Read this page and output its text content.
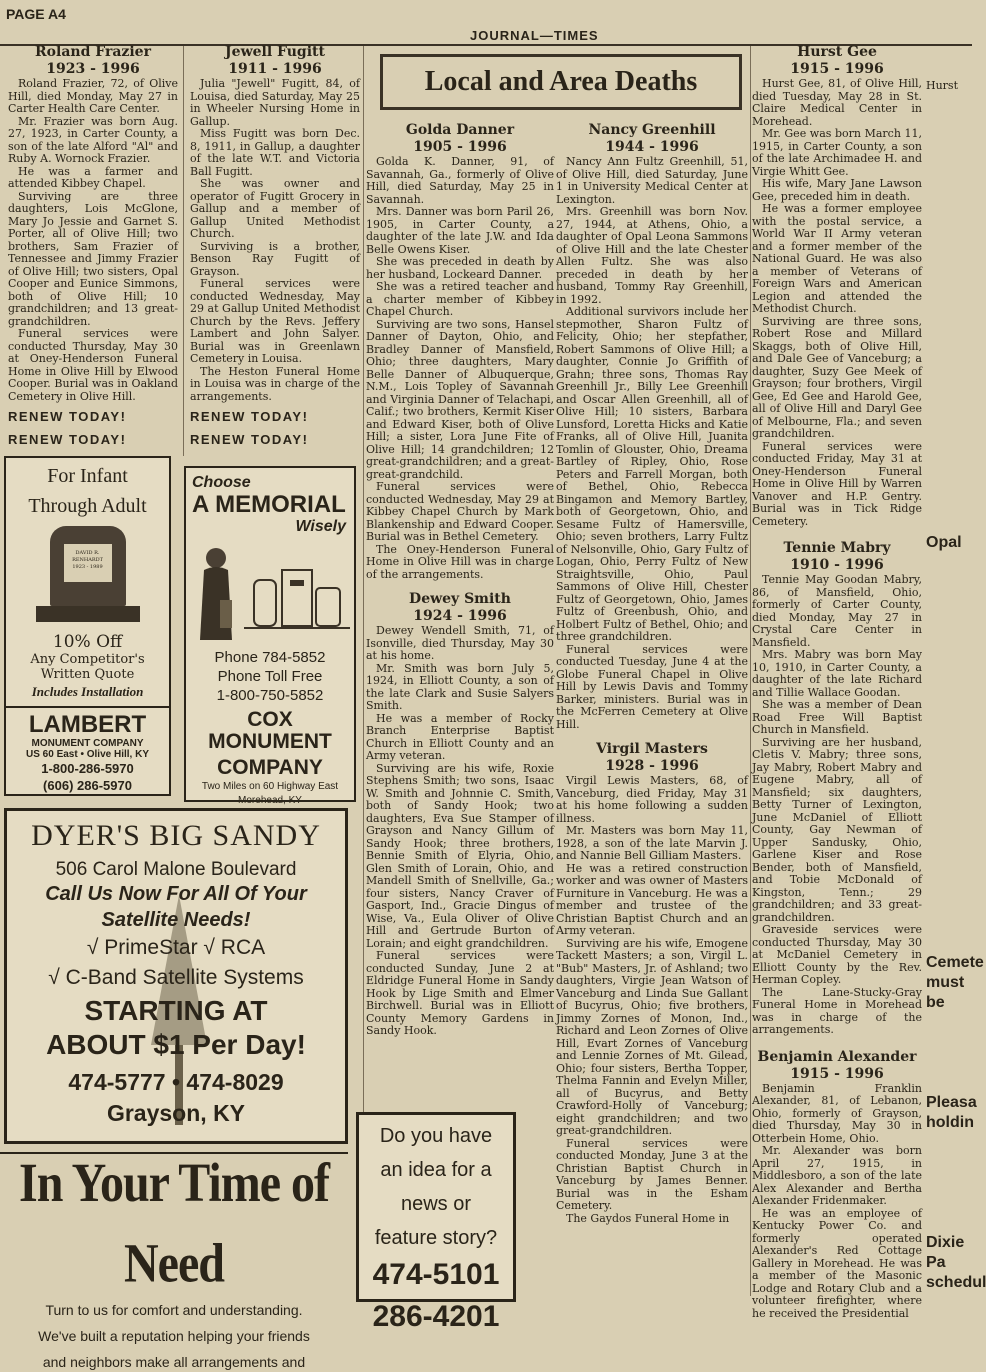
PAGE A4
JOURNAL—TIMES
Roland Frazier
1923 - 1996

Roland Frazier, 72, of Olive Hill, died Monday, May 27 in Carter Health Care Center.

Mr. Frazier was born Aug. 27, 1923, in Carter County, a son of the late Alford "Al" and Ruby A. Wornock Frazier.

He was a farmer and attended Kibbey Chapel.

Surviving are three daughters, Lois McGlone, Mary Jo Jessie and Garnet S. Porter, all of Olive Hill; two brothers, Sam Frazier of Tennessee and Jimmy Frazier of Olive Hill; two sisters, Opal Cooper and Eunice Simmons, both of Olive Hill; 10 grandchildren; and 13 great-grandchildren.

Funeral services were conducted Thursday, May 30 at Oney-Henderson Funeral Home in Olive Hill by Elwood Cooper. Burial was in Oakland Cemetery in Olive Hill.

RENEW TODAY!
RENEW TODAY!
Jewell Fugitt
1911 - 1996

Julia "Jewell" Fugitt, 84, of Louisa, died Saturday, May 25 in Wheeler Nursing Home in Gallup.

Miss Fugitt was born Dec. 8, 1911, in Gallup, a daughter of the late W.T. and Victoria Ball Fugitt.

She was owner and operator of Fugitt Grocery in Gallup and a member of Gallup United Methodist Church.

Surviving is a brother, Benson Ray Fugitt of Grayson.

Funeral services were conducted Wednesday, May 29 at Gallup United Methodist Church by the Revs. Jeffery Lambert and John Salyer. Burial was in Greenlawn Cemetery in Louisa.

The Heston Funeral Home in Louisa was in charge of the arrangements.

RENEW TODAY!
RENEW TODAY!
Local and Area Deaths
Golda Danner
1905 - 1996

Golda K. Danner, 91, of Savannah, Ga., formerly of Olive Hill, died Saturday, May 25 in Savannah.

Mrs. Danner was born Paril 26, 1905, in Carter County, a daughter of the late J.W. and Ida Belle Owens Kiser.

She was preceded in death by her husband, Lockeard Danner.

She was a retired teacher and a charter member of Kibbey Chapel Church.

Surviving are two sons, Hansel Danner of Dayton, Ohio, and Bradley Danner of Mansfield, Ohio; three daughters, Mary Belle Danner of Albuquerque, N.M., Lois Topley of Savannah and Virginia Danner of Telachapi, Calif.; two brothers, Kermit Kiser and Edward Kiser, both of Olive Hill; a sister, Lora June Fite of Olive Hill; 14 grandchildren; 12 great-grandchildren; and a great-great-grandchild.

Funeral services were conducted Wednesday, May 29 at Kibbey Chapel Church by Mark Blankenship and Edward Cooper. Burial was in Bethel Cemetery.

The Oney-Henderson Funeral Home in Olive Hill was in charge of the arrangements.

Dewey Smith
1924 - 1996

Dewey Wendell Smith, 71, of Isonville, died Thursday, May 30 at his home.

Mr. Smith was born July 5, 1924, in Elliott County, a son of the late Clark and Susie Salyers Smith.

He was a member of Rocky Branch Enterprise Baptist Church in Elliott County and an Army veteran.

Surviving are his wife, Roxie Stephens Smith; two sons, Isaac W. Smith and Johnnie C. Smith, both of Sandy Hook; two daughters, Eva Sue Stamper of Grayson and Nancy Gillum of Sandy Hook; three brothers, Bennie Smith of Elyria, Ohio, Glen Smith of Lorain, Ohio, and Mandell Smith of Snellville, Ga.; four sisters, Nancy Craver of Gasport, Ind., Gracie Dingus of Wise, Va., Eula Oliver of Olive Hill and Gertrude Burton of Lorain; and eight grandchildren.

Funeral services were conducted Sunday, June 2 at Eldridge Funeral Home in Sandy Hook by Lige Smith and Elmer Birchwell. Burial was in Elliott County Memory Gardens in Sandy Hook.

Nancy Greenhill
1944 - 1996

Nancy Ann Fultz Greenhill, 51, of Olive Hill, died Saturday, June 1 in University Medical Center at Lexington.

Mrs. Greenhill was born Nov. 27, 1944, at Athens, Ohio, a daughter of Opal Leona Sammons of Olive Hill and the late Chester Allen Fultz. She was also preceded in death by her husband, Tommy Ray Greenhill, in 1992.

Additional survivors include her stepmother, Sharon Fultz of Felicity, Ohio; her stepfather, Robert Sammons of Olive Hill; a daughter, Connie Jo Griffith of Grahn; three sons, Thomas Ray Greenhill Jr., Billy Lee Greenhill and Oscar Allen Greenhill, all of Olive Hill; 10 sisters, Barbara Lunsford, Loretta Hicks and Katie Franks, all of Olive Hill, Juanita Tomlin of Glouster, Ohio, Dreama Bartley of Ripley, Ohio, Rose Peters and Farrell Morgan, both of Bethel, Ohio, Rebecca Bingamon and Memory Bartley, both of Georgetown, Ohio, and Sesame Fultz of Hamersville, Ohio; seven brothers, Larry Fultz of Nelsonville, Ohio, Gary Fultz of Logan, Ohio, Perry Fultz of New Straightsville, Ohio, Paul Sammons of Olive Hill, Chester Fultz of Georgetown, Ohio, James Fultz of Greenbush, Ohio, and Holbert Fultz of Bethel, Ohio; and three grandchildren.

Funeral services were conducted Tuesday, June 4 at the Globe Funeral Chapel in Olive Hill by Lewis Davis and Tommy Barker, ministers. Burial was in the McFerren Cemetery at Olive Hill.

Virgil Masters
1928 - 1996

Virgil Lewis Masters, 68, of Vanceburg, died Friday, May 31 at his home following a sudden illness.

Mr. Masters was born May 11, 1928, a son of the late Marvin J. and Nannie Bell Gilliam Masters.

He was a retired construction worker and was owner of Masters Furniture in Vanceburg. He was a member and trustee of the Christian Baptist Church and an Army veteran.

Surviving are his wife, Emogene Tackett Masters; a son, Virgil L. "Bub" Masters, Jr. of Ashland; two daughters, Virgie Jean Watson of Vanceburg and Linda Sue Gallant of Bucyrus, Ohio; five brothers, Jimmy Zornes of Monon, Ind., Richard and Leon Zornes of Olive Hill, Evart Zornes of Vanceburg and Lennie Zornes of Mt. Gilead, Ohio; four sisters, Bertha Topper, Thelma Fannin and Evelyn Miller, all of Bucyrus, and Betty Crawford-Holly of Vanceburg; eight grandchildren; and two great-grandchildren.

Funeral services were conducted Monday, June 3 at the Christian Baptist Church in Vanceburg by James Benner. Burial was in the Esham Cemetery.

The Gaydos Funeral Home in

Hurst Gee
1915 - 1996

Hurst Gee, 81, of Olive Hill, died Tuesday, May 28 in St. Claire Medical Center in Morehead.

Mr. Gee was born March 11, 1915, in Carter County, a son of the late Archimadee H. and Virgie Whitt Gee.

His wife, Mary Jane Lawson Gee, preceded him in death.

He was a former employee with the postal service, a World War II Army veteran and a former member of the National Guard. He was also a member of Veterans of Foreign Wars and American Legion and attended the Methodist Church.

Surviving are three sons, Robert Rose and Millard Skaggs, both of Olive Hill, and Dale Gee of Vanceburg; a daughter, Suzy Gee Meek of Grayson; four brothers, Virgil Gee, Ed Gee and Harold Gee, all of Olive Hill and Daryl Gee of Melbourne, Fla.; and seven grandchildren.

Funeral services were conducted Friday, May 31 at Oney-Henderson Funeral Home in Olive Hill by Warren Vanover and H.P. Gentry. Burial was in Tick Ridge Cemetery.

Tennie Mabry
1910 - 1996

Tennie May Goodan Mabry, 86, of Mansfield, Ohio, formerly of Carter County, died Monday, May 27 in Crystal Care Center in Mansfield.

Mrs. Mabry was born May 10, 1910, in Carter County, a daughter of the late Richard and Tillie Wallace Goodan.

She was a member of Dean Road Free Will Baptist Church in Mansfield.

Surviving are her husband, Cletis V. Mabry; three sons, Jay Mabry, Robert Mabry and Eugene Mabry, all of Mansfield; six daughters, Betty Turner of Lexington, June McDaniel of Elliott County, Gay Newman of Upper Sandusky, Ohio, Garlene Kiser and Rose Bender, both of Mansfield, and Tobie McDonald of Kingston, Tenn.; 29 grandchildren; and 33 great-grandchildren.

Graveside services were conducted Thursday, May 30 at McDaniel Cemetery in Elliott County by the Rev. Herman Copley.

The Lane-Stucky-Gray Funeral Home in Morehead was in charge of the arrangements.

Benjamin Alexander
1915 - 1996

Benjamin Franklin Alexander, 81, of Lebanon, Ohio, formerly of Grayson, died Thursday, May 30 in Otterbein Home, Ohio.

Mr. Alexander was born April 27, 1915, in Middlesboro, a son of the late Alex Alexander and Bertha Alexander Fridenmaker.

He was an employee of Kentucky Power Co. and formerly operated Alexander's Red Cottage Gallery in Morehead. He was a member of the Masonic Lodge and Rotary Club and a volunteer firefighter, where he received the Presidential

Hurst
Opal
Cemete
must be
Pleasa
holdin
Dixie Pa
schedul
For Infant
Through Adult
DAVID R. RENHARDT
1923 - 1989
10% Off
Any Competitor's
Written Quote
Includes Installation
LAMBERT
MONUMENT COMPANY
US 60 East • Olive Hill, KY
1-800-286-5970
(606) 286-5970
Choose
A MEMORIAL
Wisely
Phone 784-5852
Phone Toll Free
1-800-750-5852
COX MONUMENT
COMPANY
Two Miles on 60 Highway East
Morehead, KY
DYER'S BIG SANDY
506 Carol Malone Boulevard
Call Us Now For All Of Your
Satellite Needs!
√ PrimeStar √ RCA
√ C-Band Satellite Systems
STARTING AT
ABOUT $1 Per Day!
474-5777 • 474-8029
Grayson, KY
In Your Time of Need
Turn to us for comfort and understanding.
We've built a reputation helping your friends
and neighbors make all arrangements and
Do you have
an idea for a
news or
feature story?
474-5101
286-4201
